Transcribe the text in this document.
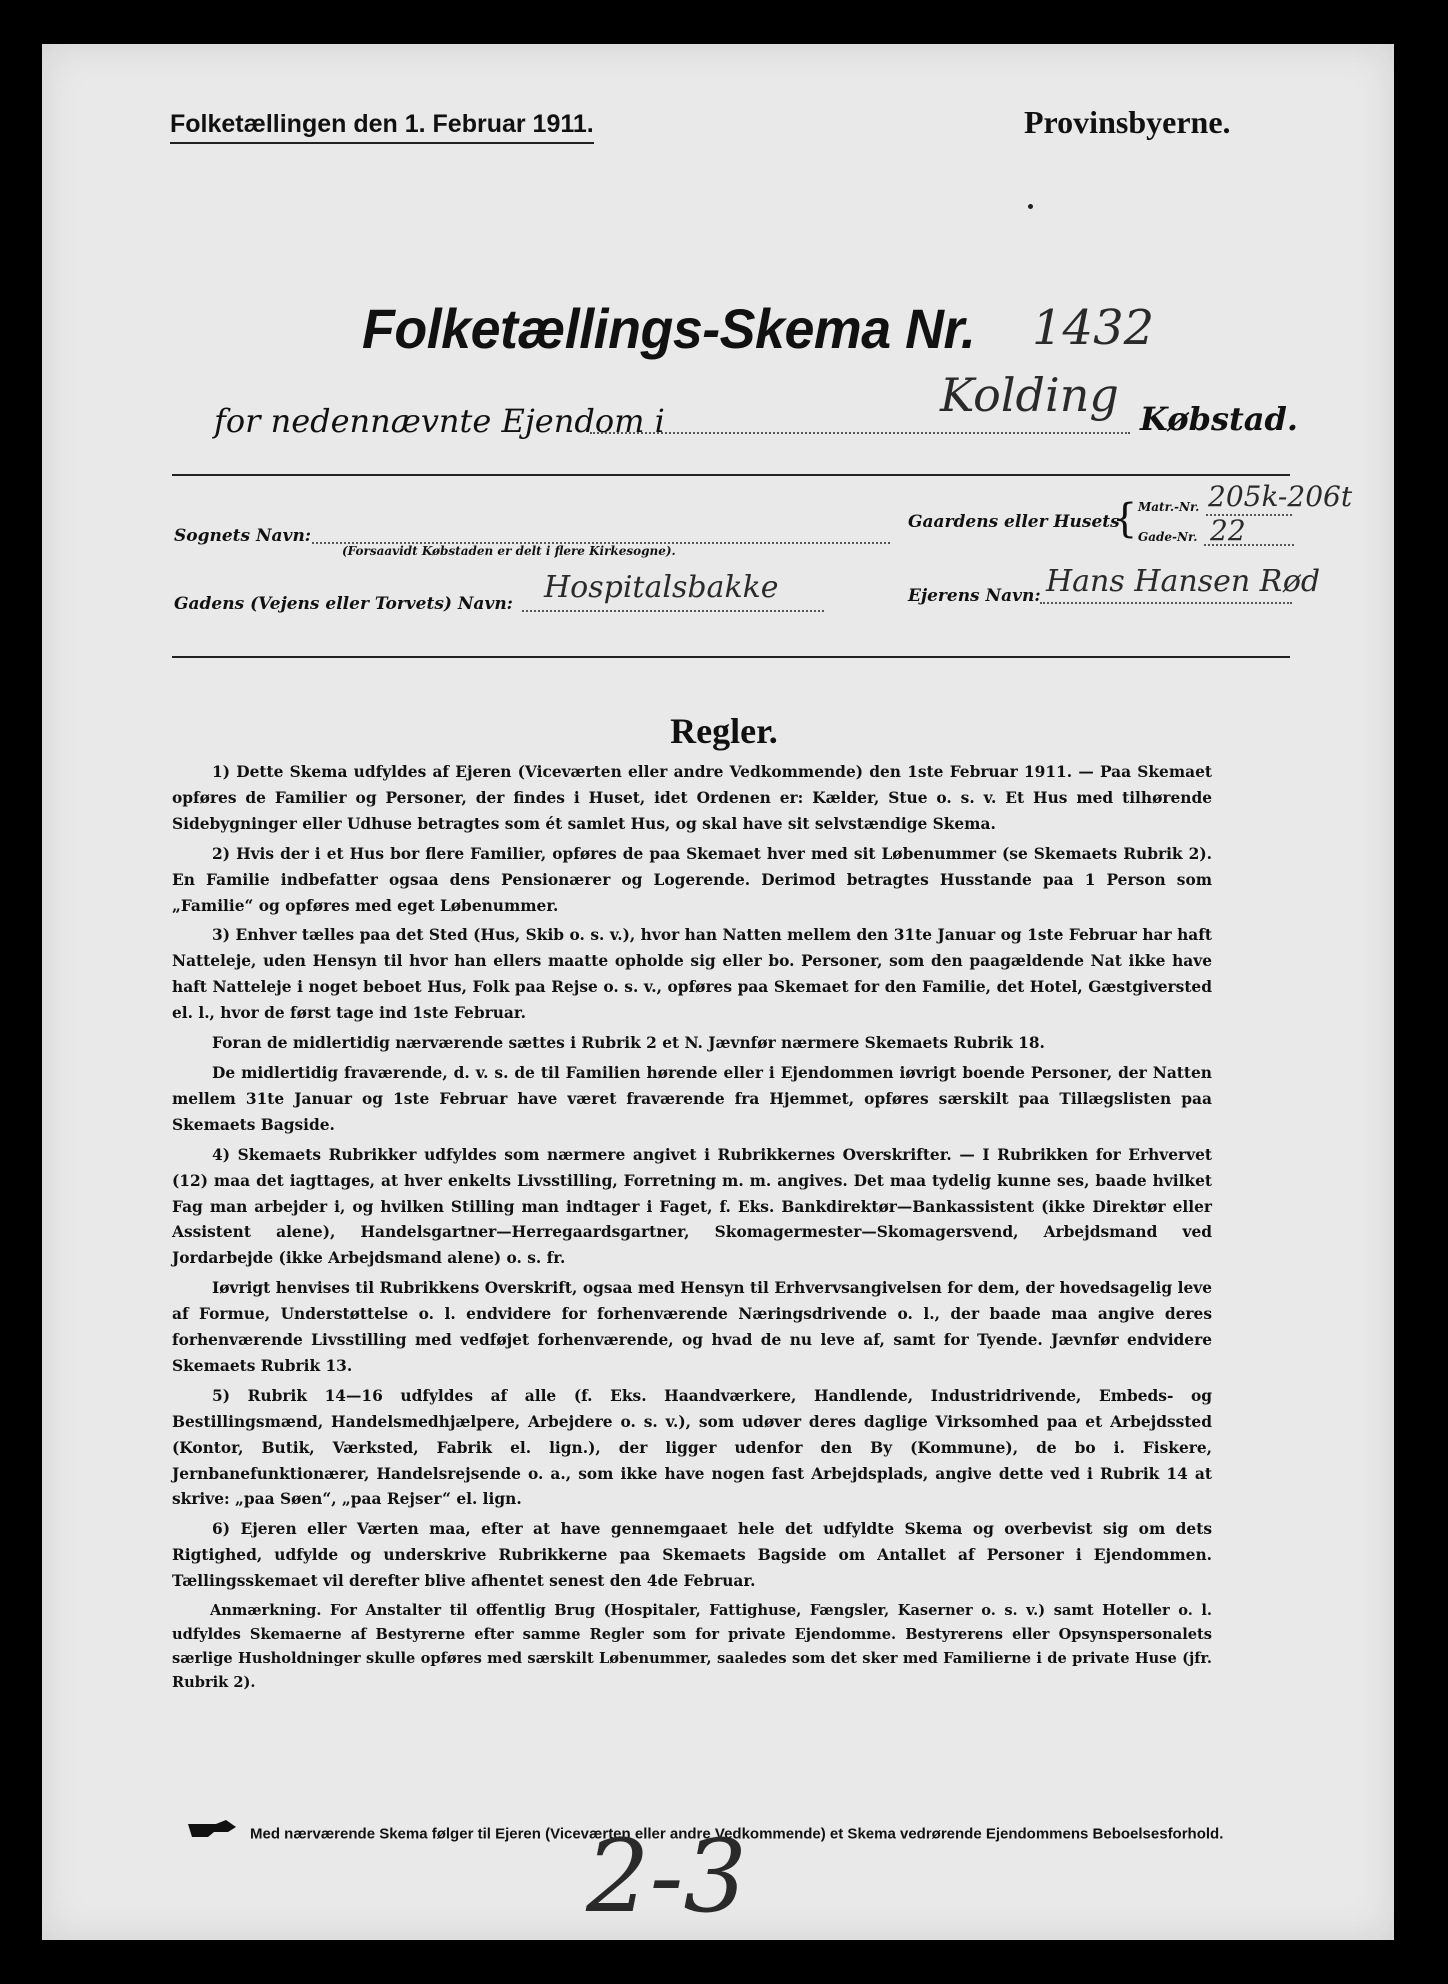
Folketællingen den 1. Februar 1911.	Provinsbyerne.
Folketællings-Skema Nr. 1432
for nedennævnte Ejendom i	Kolding Købstad.
Sognets Navn:
(Forsaavidt Købstaden er delt i flere Kirkesogne).
Gaardens eller Husets
{ Matr.-Nr. 205k-206t
Gade-Nr. 22
Gadens (Vejens eller Torvets) Navn: Hospitalsbakke	Ejerens Navn: Hans Hansen Rød
Regler.

1) Dette Skema udfyldes af Ejeren (Viceværten eller andre Vedkommende) den 1ste Februar 1911. — Paa Skemaet opføres de Familier og Personer, der findes i Huset, idet Ordenen er: Kælder, Stue o. s. v. Et Hus med tilhørende Sidebygninger eller Udhuse betragtes som ét samlet Hus, og skal have sit selvstændige Skema.

2) Hvis der i et Hus bor flere Familier, opføres de paa Skemaet hver med sit Løbenummer (se Skemaets Rubrik 2). En Familie indbefatter ogsaa dens Pensionærer og Logerende. Derimod betragtes Husstande paa 1 Person som „Familie“ og opføres med eget Løbenummer.

3) Enhver tælles paa det Sted (Hus, Skib o. s. v.), hvor han Natten mellem den 31te Januar og 1ste Februar har haft Natteleje, uden Hensyn til hvor han ellers maatte opholde sig eller bo. Personer, som den paagældende Nat ikke have haft Natteleje i noget beboet Hus, Folk paa Rejse o. s. v., opføres paa Skemaet for den Familie, det Hotel, Gæstgiversted el. l., hvor de først tage ind 1ste Februar.

Foran de midlertidig nærværende sættes i Rubrik 2 et N. Jævnfør nærmere Skemaets Rubrik 18.

De midlertidig fraværende, d. v. s. de til Familien hørende eller i Ejendommen iøvrigt boende Personer, der Natten mellem 31te Januar og 1ste Februar have været fraværende fra Hjemmet, opføres særskilt paa Tillægslisten paa Skemaets Bagside.

4) Skemaets Rubrikker udfyldes som nærmere angivet i Rubrikkernes Overskrifter. — I Rubrikken for Erhvervet (12) maa det iagttages, at hver enkelts Livsstilling, Forretning m. m. angives. Det maa tydelig kunne ses, baade hvilket Fag man arbejder i, og hvilken Stilling man indtager i Faget, f. Eks. Bankdirektør—Bankassistent (ikke Direktør eller Assistent alene), Handelsgartner—Herregaardsgartner, Skomagermester—Skomagersvend, Arbejdsmand ved Jordarbejde (ikke Arbejdsmand alene) o. s. fr.

Iøvrigt henvises til Rubrikkens Overskrift, ogsaa med Hensyn til Erhvervsangivelsen for dem, der hovedsagelig leve af Formue, Understøttelse o. l. endvidere for forhenværende Næringsdrivende o. l., der baade maa angive deres forhenværende Livsstilling med vedføjet forhenværende, og hvad de nu leve af, samt for Tyende. Jævnfør endvidere Skemaets Rubrik 13.

5) Rubrik 14—16 udfyldes af alle (f. Eks. Haandværkere, Handlende, Industridrivende, Embeds- og Bestillingsmænd, Handelsmedhjælpere, Arbejdere o. s. v.), som udøver deres daglige Virksomhed paa et Arbejdssted (Kontor, Butik, Værksted, Fabrik el. lign.), der ligger udenfor den By (Kommune), de bo i. Fiskere, Jernbanefunktionærer, Handelsrejsende o. a., som ikke have nogen fast Arbejdsplads, angive dette ved i Rubrik 14 at skrive: „paa Søen“, „paa Rejser“ el. lign.

6) Ejeren eller Værten maa, efter at have gennemgaaet hele det udfyldte Skema og overbevist sig om dets Rigtighed, udfylde og underskrive Rubrikkerne paa Skemaets Bagside om Antallet af Personer i Ejendommen. Tællingsskemaet vil derefter blive afhentet senest den 4de Februar.

Anmærkning. For Anstalter til offentlig Brug (Hospitaler, Fattighuse, Fængsler, Kaserner o. s. v.) samt Hoteller o. l. udfyldes Skemaerne af Bestyrerne efter samme Regler som for private Ejendomme. Bestyrerens eller Opsynspersonalets særlige Husholdninger skulle opføres med særskilt Løbenummer, saaledes som det sker med Familierne i de private Huse (jfr. Rubrik 2).

Med nærværende Skema følger til Ejeren (Viceværten eller andre Vedkommende) et Skema vedrørende Ejendommens Beboelsesforhold.
2-3
